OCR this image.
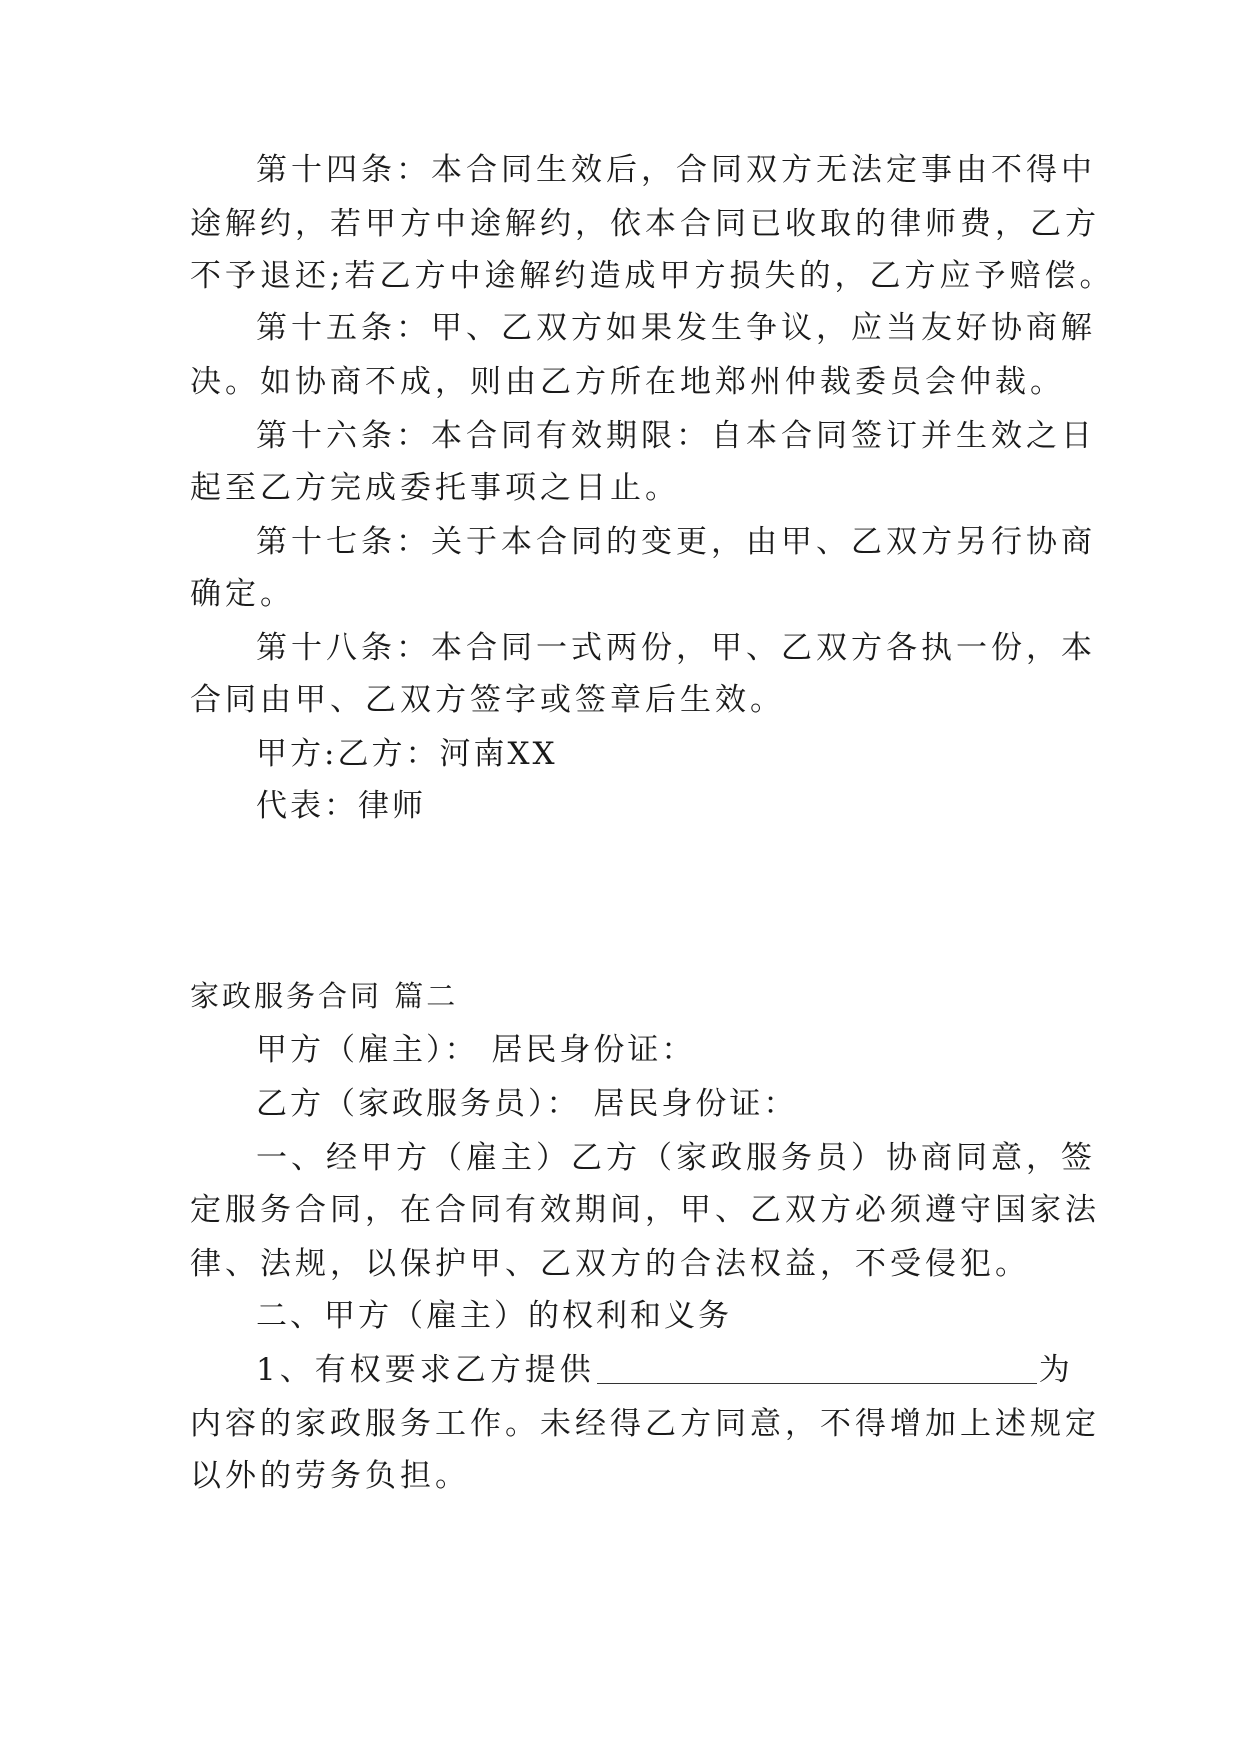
第十四条：本合同生效后，合同双方无法定事由不得中
途解约，若甲方中途解约，依本合同已收取的律师费，乙方
不予退还;若乙方中途解约造成甲方损失的，乙方应予赔偿。
第十五条：甲、乙双方如果发生争议，应当友好协商解
决。如协商不成，则由乙方所在地郑州仲裁委员会仲裁。
第十六条：本合同有效期限：自本合同签订并生效之日
起至乙方完成委托事项之日止。
第十七条：关于本合同的变更，由甲、乙双方另行协商
确定。
第十八条：本合同一式两份，甲、乙双方各执一份，本
合同由甲、乙双方签字或签章后生效。
甲方:乙方：河南XX
代表：律师
家政服务合同 篇二
甲方（雇主）： 居民身份证：
乙方（家政服务员）： 居民身份证：
一、经甲方（雇主）乙方（家政服务员）协商同意，签
定服务合同，在合同有效期间，甲、乙双方必须遵守国家法
律、法规，以保护甲、乙双方的合法权益，不受侵犯。
二、甲方（雇主）的权利和义务
1、有权要求乙方提供	为
内容的家政服务工作。未经得乙方同意，不得增加上述规定
以外的劳务负担。
